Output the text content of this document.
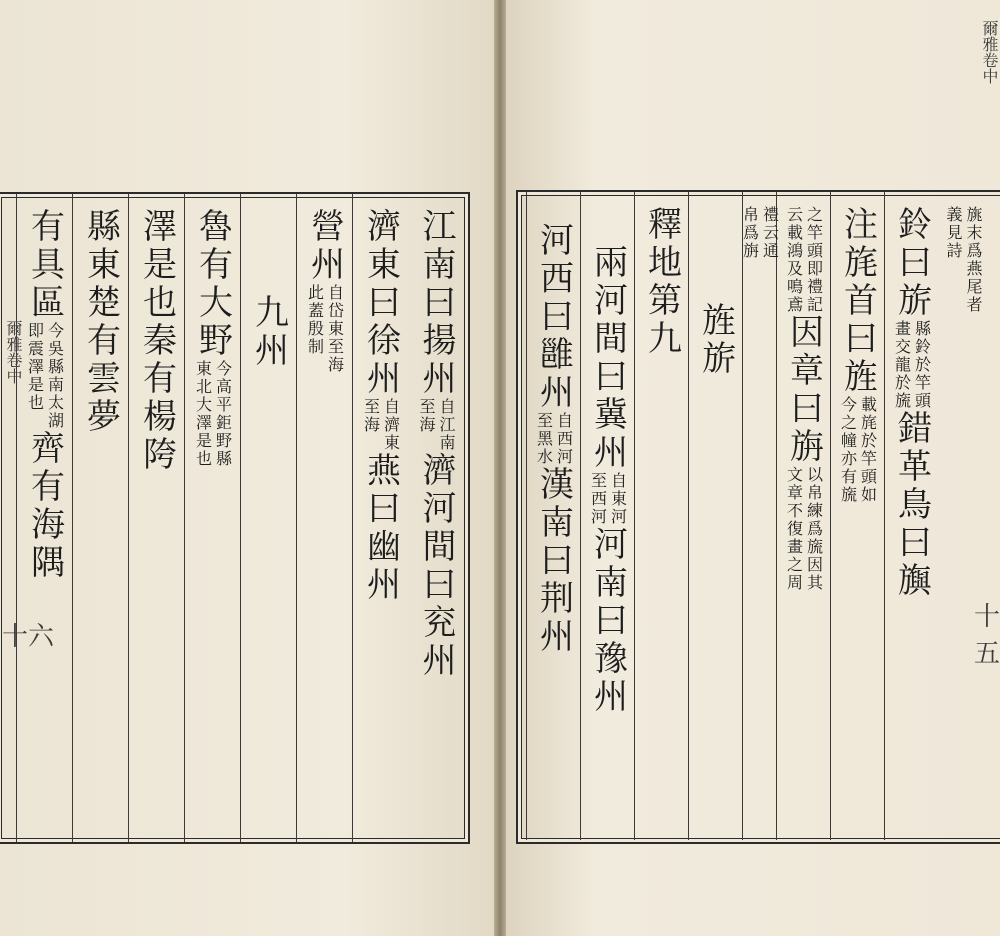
江南曰揚州
自江南
至海
濟河間曰兖州
濟東曰徐州
自濟東
至海
燕曰幽州
營州
自岱東至海
此蓋殷制
九州
魯有大野
今高平鉅野縣
東北大澤是也
澤是也
秦有楊陓
縣東
楚有雲夢
有具區
今吳縣南太湖
即震澤是也
齊有海隅
爾雅卷中
十六
旐末爲燕尾者
義見詩
鈴曰旂
縣鈴於竿頭
畫交龍於旒
錯革鳥曰旟
注旄首曰旌
載旄於竿頭如
今之幢亦有旒
之竿頭即禮記
云載鴻及鳴鳶
因章曰旃
以帛練爲旒因其
文章不復畫之周
禮云通
帛爲旃
旌旂
釋地第九
兩河間曰冀州
自東河
至西河
河南曰豫州
河西曰雝州
自西河
至黑水
漢南曰荆州
爾雅卷中
十五
